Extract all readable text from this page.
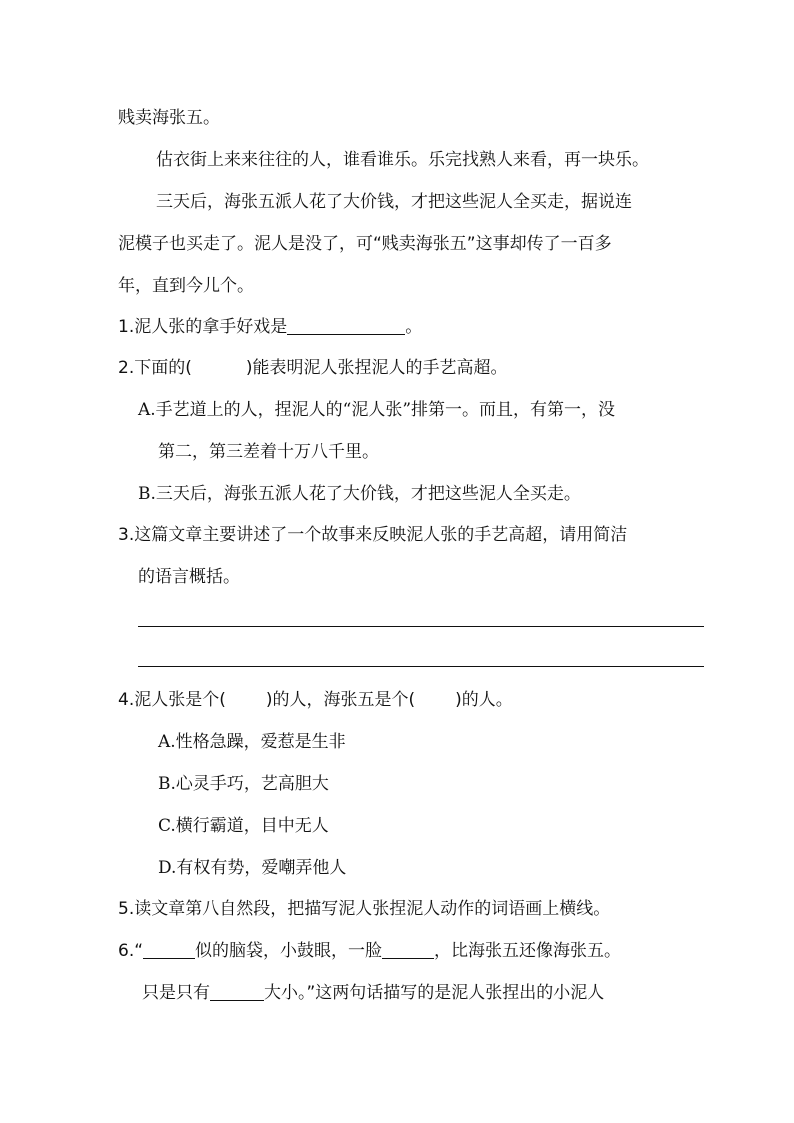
贱卖海张五。
估衣街上来来往往的人，谁看谁乐。乐完找熟人来看，再一块乐。
三天后，海张五派人花了大价钱，才把这些泥人全买走，据说连
泥模子也买走了。泥人是没了，可“贱卖海张五”这事却传了一百多
年，直到今儿个。
1.泥人张的拿手好戏是	。
2.下面的(	)能表明泥人张捏泥人的手艺高超。
A.手艺道上的人，捏泥人的“泥人张”排第一。而且，有第一，没
第二，第三差着十万八千里。
B.三天后，海张五派人花了大价钱，才把这些泥人全买走。
3.这篇文章主要讲述了一个故事来反映泥人张的手艺高超，请用简洁
的语言概括。
4.泥人张是个( )的人，海张五是个( )的人。
A.性格急躁，爱惹是生非
B.心灵手巧，艺高胆大
C.横行霸道，目中无人
D.有权有势，爱嘲弄他人
5.读文章第八自然段，把描写泥人张捏泥人动作的词语画上横线。
6.“	似的脑袋，小鼓眼，一脸	，比海张五还像海张五。
只是只有	大小。”这两句话描写的是泥人张捏出的小泥人
